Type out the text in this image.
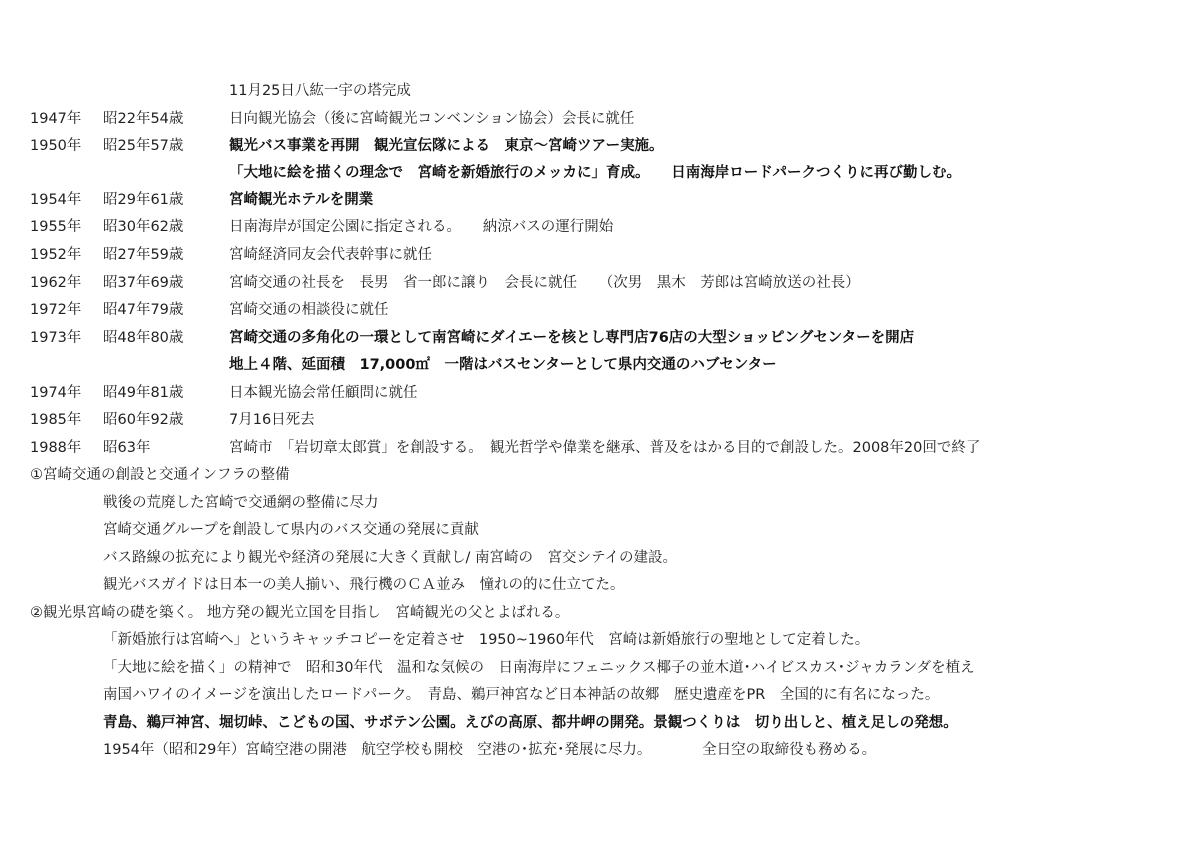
11月25日八紘一宇の塔完成
1947年 昭22年54歳	日向観光協会（後に宮崎観光コンベンション協会）会長に就任
1950年 昭25年57歳	観光バス事業を再開　観光宣伝隊による　東京～宮崎ツアー実施。
「大地に絵を描くの理念で　宮崎を新婚旅行のメッカに」育成。　　日南海岸ロードパークつくりに再び勤しむ。
1954年 昭29年61歳	宮崎観光ホテルを開業
1955年 昭30年62歳	日南海岸が国定公園に指定される。　　納涼バスの運行開始
1952年 昭27年59歳	宮崎経済同友会代表幹事に就任
1962年 昭37年69歳	宮崎交通の社長を　長男　省一郎に譲り　会長に就任　　（次男　黒木　芳郎は宮崎放送の社長）
1972年 昭47年79歳	宮崎交通の相談役に就任
1973年 昭48年80歳	宮崎交通の多角化の一環として南宮崎にダイエーを核とし専門店76店の大型ショッピングセンターを開店
地上４階、延面積　17,000㎡　一階はバスセンターとして県内交通のハブセンター
1974年 昭49年81歳	日本観光協会常任顧問に就任
1985年 昭60年92歳	7月16日死去
1988年 昭63年	宮崎市　「岩切章太郎賞」を創設する。　観光哲学や偉業を継承、普及をはかる目的で創設した。2008年20回で終了
①宮崎交通の創設と交通インフラの整備
戦後の荒廃した宮崎で交通網の整備に尽力
宮崎交通グループを創設して県内のバス交通の発展に貢献
バス路線の拡充により観光や経済の発展に大きく貢献し/ 南宮崎の　宮交シテイの建設。
観光バスガイドは日本一の美人揃い、飛行機のＣＡ並み　憧れの的に仕立てた。
②観光県宮崎の礎を築く。 地方発の観光立国を目指し　宮崎観光の父とよばれる。
「新婚旅行は宮崎へ」というキャッチコピーを定着させ　1950~1960年代　宮崎は新婚旅行の聖地として定着した。
「大地に絵を描く」の精神で　昭和30年代　温和な気候の　日南海岸にフェニックス椰子の並木道･ハイビスカス･ジャカランダを植え
南国ハワイのイメージを演出したロードパーク。　青島、鵜戸神宮など日本神話の故郷　歴史遺産をPR　全国的に有名になった。
青島、鵜戸神宮、堀切峠、こどもの国、サボテン公園。えびの高原、都井岬の開発。景観つくりは　切り出しと、植え足しの発想。
1954年（昭和29年）宮崎空港の開港　航空学校も開校　空港の･拡充･発展に尽力。　　　　全日空の取締役も務める。
